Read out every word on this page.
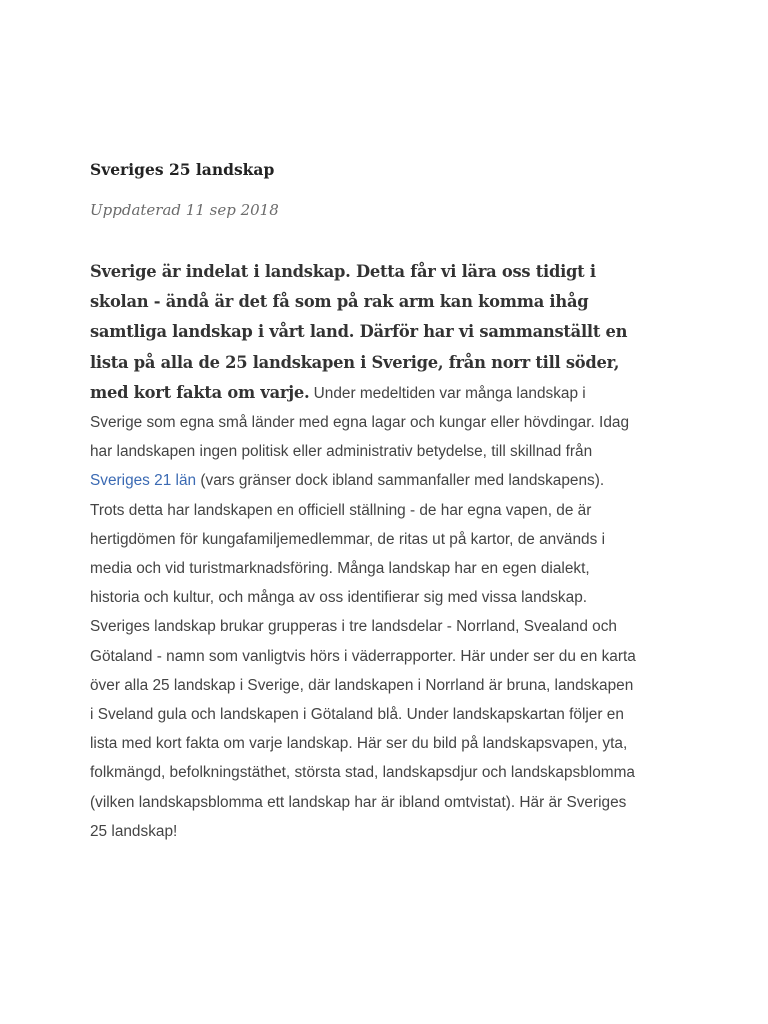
Sveriges 25 landskap

Uppdaterad 11 sep 2018

Sverige är indelat i landskap. Detta får vi lära oss tidigt i skolan - ändå är det få som på rak arm kan komma ihåg samtliga landskap i vårt land. Därför har vi sammanställt en lista på alla de 25 landskapen i Sverige, från norr till söder, med kort fakta om varje. Under medeltiden var många landskap i Sverige som egna små länder med egna lagar och kungar eller hövdingar. Idag har landskapen ingen politisk eller administrativ betydelse, till skillnad från Sveriges 21 län (vars gränser dock ibland sammanfaller med landskapens). Trots detta har landskapen en officiell ställning - de har egna vapen, de är hertigdömen för kungafamiljemedlemmar, de ritas ut på kartor, de används i media och vid turistmarknadsföring. Många landskap har en egen dialekt, historia och kultur, och många av oss identifierar sig med vissa landskap. Sveriges landskap brukar grupperas i tre landsdelar - Norrland, Svealand och Götaland - namn som vanligtvis hörs i väderrapporter. Här under ser du en karta över alla 25 landskap i Sverige, där landskapen i Norrland är bruna, landskapen i Sveland gula och landskapen i Götaland blå. Under landskapskartan följer en lista med kort fakta om varje landskap. Här ser du bild på landskapsvapen, yta, folkmängd, befolkningstäthet, största stad, landskapsdjur och landskapsblomma (vilken landskapsblomma ett landskap har är ibland omtvistat). Här är Sveriges 25 landskap!
